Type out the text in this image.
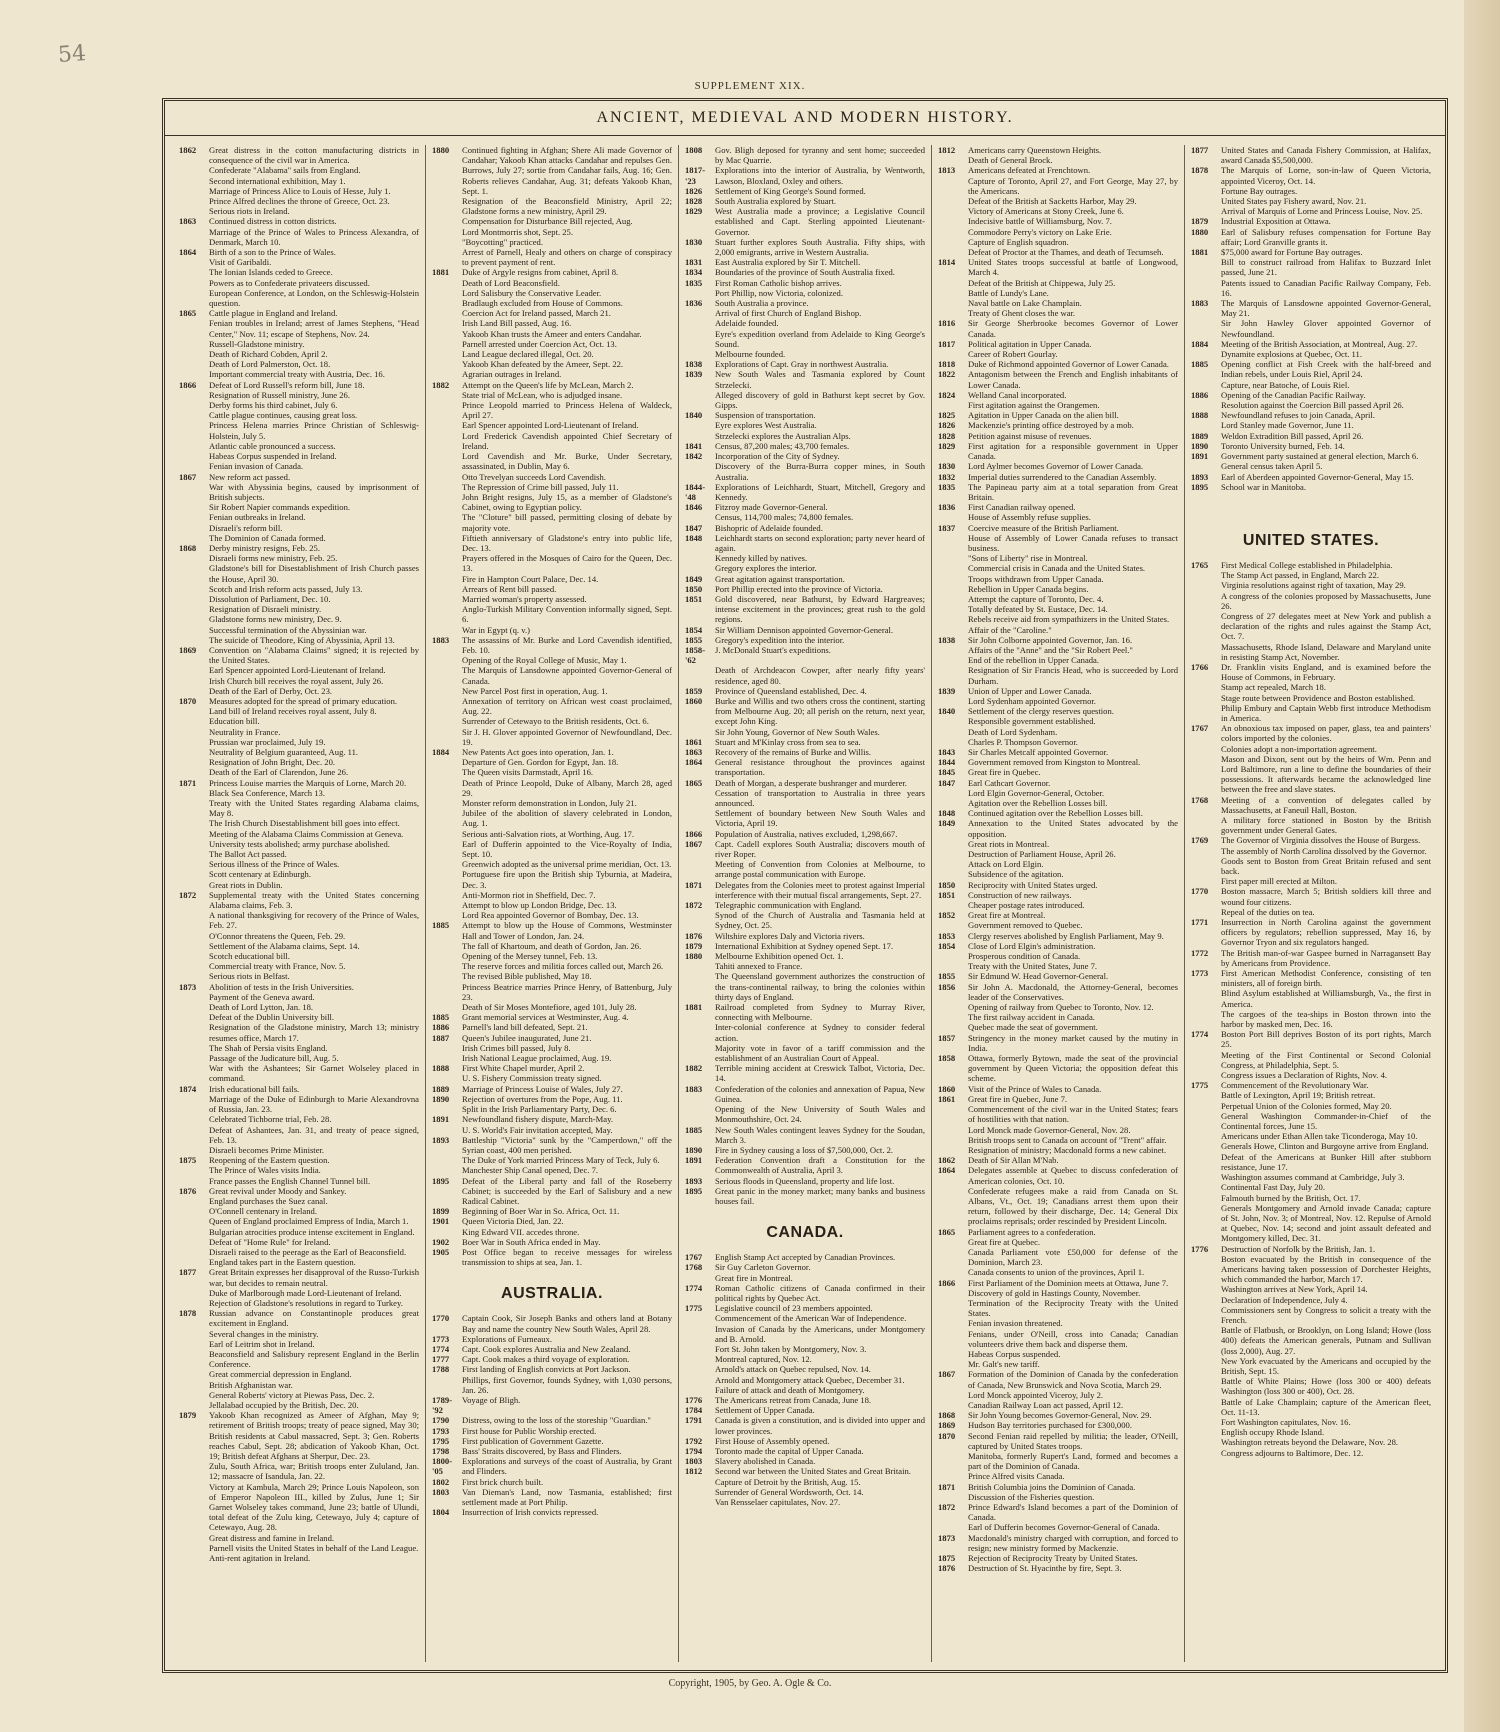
54
SUPPLEMENT XIX.
ANCIENT, MEDIEVAL AND MODERN HISTORY.
1862	Great distress in the cotton manufacturing districts in consequence of the civil war in America.
Confederate "Alabama" sails from England.
Second international exhibition, May 1.
Marriage of Princess Alice to Louis of Hesse, July 1.
Prince Alfred declines the throne of Greece, Oct. 23.
Serious riots in Ireland.
1863	Continued distress in cotton districts.
Marriage of the Prince of Wales to Princess Alexandra, of Denmark, March 10.
1864	Birth of a son to the Prince of Wales.
Visit of Garibaldi.
The Ionian Islands ceded to Greece.
Powers as to Confederate privateers discussed.
European Conference, at London, on the Schleswig-Holstein question.
1865	Cattle plague in England and Ireland.
Fenian troubles in Ireland; arrest of James Stephens, "Head Center," Nov. 11; escape of Stephens, Nov. 24.
Russell-Gladstone ministry.
Death of Richard Cobden, April 2.
Death of Lord Palmerston, Oct. 18.
Important commercial treaty with Austria, Dec. 16.
1866	Defeat of Lord Russell's reform bill, June 18.
Resignation of Russell ministry, June 26.
Derby forms his third cabinet, July 6.
Cattle plague continues, causing great loss.
Princess Helena marries Prince Christian of Schleswig-Holstein, July 5.
Atlantic cable pronounced a success.
Habeas Corpus suspended in Ireland.
Fenian invasion of Canada.
1867	New reform act passed.
War with Abyssinia begins, caused by imprisonment of British subjects.
Sir Robert Napier commands expedition.
Fenian outbreaks in Ireland.
Disraeli's reform bill.
The Dominion of Canada formed.
1868	Derby ministry resigns, Feb. 25.
Disraeli forms new ministry, Feb. 25.
Gladstone's bill for Disestablishment of Irish Church passes the House, April 30.
Scotch and Irish reform acts passed, July 13.
Dissolution of Parliament, Dec. 10.
Resignation of Disraeli ministry.
Gladstone forms new ministry, Dec. 9.
Successful termination of the Abyssinian war.
The suicide of Theodore, King of Abyssinia, April 13.
1869	Convention on "Alabama Claims" signed; it is rejected by the United States.
Earl Spencer appointed Lord-Lieutenant of Ireland.
Irish Church bill receives the royal assent, July 26.
Death of the Earl of Derby, Oct. 23.
1870	Measures adopted for the spread of primary education.
Land bill of Ireland receives royal assent, July 8.
Education bill.
Neutrality in France.
Prussian war proclaimed, July 19.
Neutrality of Belgium guaranteed, Aug. 11.
Resignation of John Bright, Dec. 20.
Death of the Earl of Clarendon, June 26.
1871	Princess Louise marries the Marquis of Lorne, March 20.
Black Sea Conference, March 13.
Treaty with the United States regarding Alabama claims, May 8.
The Irish Church Disestablishment bill goes into effect.
Meeting of the Alabama Claims Commission at Geneva.
University tests abolished; army purchase abolished.
The Ballot Act passed.
Serious illness of the Prince of Wales.
Scott centenary at Edinburgh.
Great riots in Dublin.
1872	Supplemental treaty with the United States concerning Alabama claims, Feb. 3.
A national thanksgiving for recovery of the Prince of Wales, Feb. 27.
O'Connor threatens the Queen, Feb. 29.
Settlement of the Alabama claims, Sept. 14.
Scotch educational bill.
Commercial treaty with France, Nov. 5.
Serious riots in Belfast.
1873	Abolition of tests in the Irish Universities.
Payment of the Geneva award.
Death of Lord Lytton, Jan. 18.
Defeat of the Dublin University bill.
Resignation of the Gladstone ministry, March 13; ministry resumes office, March 17.
The Shah of Persia visits England.
Passage of the Judicature bill, Aug. 5.
War with the Ashantees; Sir Garnet Wolseley placed in command.
1874	Irish educational bill fails.
Marriage of the Duke of Edinburgh to Marie Alexandrovna of Russia, Jan. 23.
Celebrated Tichborne trial, Feb. 28.
Defeat of Ashantees, Jan. 31, and treaty of peace signed, Feb. 13.
Disraeli becomes Prime Minister.
1875	Reopening of the Eastern question.
The Prince of Wales visits India.
France passes the English Channel Tunnel bill.
1876	Great revival under Moody and Sankey.
England purchases the Suez canal.
O'Connell centenary in Ireland.
Queen of England proclaimed Empress of India, March 1.
Bulgarian atrocities produce intense excitement in England.
Defeat of "Home Rule" for Ireland.
Disraeli raised to the peerage as the Earl of Beaconsfield.
England takes part in the Eastern question.
1877	Great Britain expresses her disapproval of the Russo-Turkish war, but decides to remain neutral.
Duke of Marlborough made Lord-Lieutenant of Ireland.
Rejection of Gladstone's resolutions in regard to Turkey.
1878	Russian advance on Constantinople produces great excitement in England.
Several changes in the ministry.
Earl of Leitrim shot in Ireland.
Beaconsfield and Salisbury represent England in the Berlin Conference.
Great commercial depression in England.
British Afghanistan war.
General Roberts' victory at Piewas Pass, Dec. 2.
Jellalabad occupied by the British, Dec. 20.
1879	Yakoob Khan recognized as Ameer of Afghan, May 9; retirement of British troops; treaty of peace signed, May 30; British residents at Cabul massacred, Sept. 3; Gen. Roberts reaches Cabul, Sept. 28; abdication of Yakoob Khan, Oct. 19; British defeat Afghans at Sherpur, Dec. 23.
Zulu, South Africa, war; British troops enter Zululand, Jan. 12; massacre of Isandula, Jan. 22.
Victory at Kambula, March 29; Prince Louis Napoleon, son of Emperor Napoleon III., killed by Zulus, June 1; Sir Garnet Wolseley takes command, June 23; battle of Ulundi, total defeat of the Zulu king, Cetewayo, July 4; capture of Cetewayo, Aug. 28.
Great distress and famine in Ireland.
Parnell visits the United States in behalf of the Land League.
Anti-rent agitation in Ireland.
1880	Continued fighting in Afghan; Shere Ali made Governor of Candahar; Yakoob Khan attacks Candahar and repulses Gen. Burrows, July 27; sortie from Candahar fails, Aug. 16; Gen. Roberts relieves Candahar, Aug. 31; defeats Yakoob Khan, Sept. 1.
Resignation of the Beaconsfield Ministry, April 22; Gladstone forms a new ministry, April 29.
Compensation for Disturbance Bill rejected, Aug.
Lord Montmorris shot, Sept. 25.
"Boycotting" practiced.
Arrest of Parnell, Healy and others on charge of conspiracy to prevent payment of rent.
1881	Duke of Argyle resigns from cabinet, April 8.
Death of Lord Beaconsfield.
Lord Salisbury the Conservative Leader.
Bradlaugh excluded from House of Commons.
Coercion Act for Ireland passed, March 21.
Irish Land Bill passed, Aug. 16.
Yakoob Khan trusts the Ameer and enters Candahar.
Parnell arrested under Coercion Act, Oct. 13.
Land League declared illegal, Oct. 20.
Yakoob Khan defeated by the Ameer, Sept. 22.
Agrarian outrages in Ireland.
1882	Attempt on the Queen's life by McLean, March 2.
State trial of McLean, who is adjudged insane.
Prince Leopold married to Princess Helena of Waldeck, April 27.
Earl Spencer appointed Lord-Lieutenant of Ireland.
Lord Frederick Cavendish appointed Chief Secretary of Ireland.
Lord Cavendish and Mr. Burke, Under Secretary, assassinated, in Dublin, May 6.
Otto Trevelyan succeeds Lord Cavendish.
The Repression of Crime bill passed, July 11.
John Bright resigns, July 15, as a member of Gladstone's Cabinet, owing to Egyptian policy.
The "Cloture" bill passed, permitting closing of debate by majority vote.
Fiftieth anniversary of Gladstone's entry into public life, Dec. 13.
Prayers offered in the Mosques of Cairo for the Queen, Dec. 13.
Fire in Hampton Court Palace, Dec. 14.
Arrears of Rent bill passed.
Married woman's property assessed.
Anglo-Turkish Military Convention informally signed, Sept. 6.
War in Egypt (q. v.)
1883	The assassins of Mr. Burke and Lord Cavendish identified, Feb. 10.
Opening of the Royal College of Music, May 1.
The Marquis of Lansdowne appointed Governor-General of Canada.
New Parcel Post first in operation, Aug. 1.
Annexation of territory on African west coast proclaimed, Aug. 22.
Surrender of Cetewayo to the British residents, Oct. 6.
Sir J. H. Glover appointed Governor of Newfoundland, Dec. 19.
1884	New Patents Act goes into operation, Jan. 1.
Departure of Gen. Gordon for Egypt, Jan. 18.
The Queen visits Darmstadt, April 16.
Death of Prince Leopold, Duke of Albany, March 28, aged 29.
Monster reform demonstration in London, July 21.
Jubilee of the abolition of slavery celebrated in London, Aug. 1.
Serious anti-Salvation riots, at Worthing, Aug. 17.
Earl of Dufferin appointed to the Vice-Royalty of India, Sept. 10.
Greenwich adopted as the universal prime meridian, Oct. 13.
Portuguese fire upon the British ship Tyburnia, at Madeira, Dec. 3.
Anti-Mormon riot in Sheffield, Dec. 7.
Attempt to blow up London Bridge, Dec. 13.
Lord Rea appointed Governor of Bombay, Dec. 13.
1885	Attempt to blow up the House of Commons, Westminster Hall and Tower of London, Jan. 24.
The fall of Khartoum, and death of Gordon, Jan. 26.
Opening of the Mersey tunnel, Feb. 13.
The reserve forces and militia forces called out, March 26.
The revised Bible published, May 18.
Princess Beatrice marries Prince Henry, of Battenburg, July 23.
Death of Sir Moses Montefiore, aged 101, July 28.
1885	Grant memorial services at Westminster, Aug. 4.
1886	Parnell's land bill defeated, Sept. 21.
1887	Queen's Jubilee inaugurated, June 21.
Irish Crimes bill passed, July 8.
Irish National League proclaimed, Aug. 19.
1888	First White Chapel murder, April 2.
U. S. Fishery Commission treaty signed.
1889	Marriage of Princess Louise of Wales, July 27.
1890	Rejection of overtures from the Pope, Aug. 11.
Split in the Irish Parliamentary Party, Dec. 6.
1891	Newfoundland fishery dispute, March-May.
U. S. World's Fair invitation accepted, May.
1893	Battleship "Victoria" sunk by the "Camperdown," off the Syrian coast, 400 men perished.
The Duke of York married Princess Mary of Teck, July 6.
Manchester Ship Canal opened, Dec. 7.
1895	Defeat of the Liberal party and fall of the Roseberry Cabinet; is succeeded by the Earl of Salisbury and a new Radical Cabinet.
1899	Beginning of Boer War in So. Africa, Oct. 11.
1901	Queen Victoria Died, Jan. 22.
King Edward VII. accedes throne.
1902	Boer War in South Africa ended in May.
1905	Post Office began to receive messages for wireless transmission to ships at sea, Jan. 1.
AUSTRALIA.
1770	Captain Cook, Sir Joseph Banks and others land at Botany Bay and name the country New South Wales, April 28.
1773	Explorations of Furneaux.
1774	Capt. Cook explores Australia and New Zealand.
1777	Capt. Cook makes a third voyage of exploration.
1788	First landing of English convicts at Port Jackson.
Phillips, first Governor, founds Sydney, with 1,030 persons, Jan. 26.
1789-'92
Voyage of Bligh.
1790	Distress, owing to the loss of the storeship "Guardian."
1793	First house for Public Worship erected.
1795	First publication of Government Gazette.
1798	Bass' Straits discovered, by Bass and Flinders.
1800-'05
Explorations and surveys of the coast of Australia, by Grant and Flinders.
1802	First brick church built.
1803	Van Dieman's Land, now Tasmania, established; first settlement made at Port Philip.
1804	Insurrection of Irish convicts repressed.
1808	Gov. Bligh deposed for tyranny and sent home; succeeded by Mac Quarrie.
1817-'23
Explorations into the interior of Australia, by Wentworth, Lawson, Bloxland, Oxley and others.
1826	Settlement of King George's Sound formed.
1828	South Australia explored by Stuart.
1829	West Australia made a province; a Legislative Council established and Capt. Sterling appointed Lieutenant-Governor.
1830	Stuart further explores South Australia. Fifty ships, with 2,000 emigrants, arrive in Western Australia.
1831	East Australia explored by Sir T. Mitchell.
1834	Boundaries of the province of South Australia fixed.
1835	First Roman Catholic bishop arrives.
Port Phillip, now Victoria, colonized.
1836	South Australia a province.
Arrival of first Church of England Bishop.
Adelaide founded.
Eyre's expedition overland from Adelaide to King George's Sound.
Melbourne founded.
1838	Explorations of Capt. Gray in northwest Australia.
1839	New South Wales and Tasmania explored by Count Strzelecki.
Alleged discovery of gold in Bathurst kept secret by Gov. Gipps.
1840	Suspension of transportation.
Eyre explores West Australia.
Strzelecki explores the Australian Alps.
1841	Census, 87,200 males; 43,700 females.
1842	Incorporation of the City of Sydney.
Discovery of the Burra-Burra copper mines, in South Australia.
1844-'48
Explorations of Leichhardt, Stuart, Mitchell, Gregory and Kennedy.
1846	Fitzroy made Governor-General.
Census, 114,700 males; 74,800 females.
1847	Bishopric of Adelaide founded.
1848	Leichhardt starts on second exploration; party never heard of again.
Kennedy killed by natives.
Gregory explores the interior.
1849	Great agitation against transportation.
1850	Port Phillip erected into the province of Victoria.
1851	Gold discovered, near Bathurst, by Edward Hargreaves; intense excitement in the provinces; great rush to the gold regions.
1854	Sir William Dennison appointed Governor-General.
1855	Gregory's expedition into the interior.
1858-'62
J. McDonald Stuart's expeditions.
Death of Archdeacon Cowper, after nearly fifty years' residence, aged 80.
1859	Province of Queensland established, Dec. 4.
1860	Burke and Willis and two others cross the continent, starting from Melbourne Aug. 20; all perish on the return, next year, except John King.
Sir John Young, Governor of New South Wales.
1861	Stuart and M'Kinlay cross from sea to sea.
1863	Recovery of the remains of Burke and Willis.
1864	General resistance throughout the provinces against transportation.
1865	Death of Morgan, a desperate bushranger and murderer.
Cessation of transportation to Australia in three years announced.
Settlement of boundary between New South Wales and Victoria, April 19.
1866	Population of Australia, natives excluded, 1,298,667.
1867	Capt. Cadell explores South Australia; discovers mouth of river Roper.
Meeting of Convention from Colonies at Melbourne, to arrange postal communication with Europe.
1871	Delegates from the Colonies meet to protest against Imperial interference with their mutual fiscal arrangements, Sept. 27.
1872	Telegraphic communication with England.
Synod of the Church of Australia and Tasmania held at Sydney, Oct. 25.
1876	Wiltshire explores Daly and Victoria rivers.
1879	International Exhibition at Sydney opened Sept. 17.
1880	Melbourne Exhibition opened Oct. 1.
Tahiti annexed to France.
The Queensland government authorizes the construction of the trans-continental railway, to bring the colonies within thirty days of England.
1881	Railroad completed from Sydney to Murray River, connecting with Melbourne.
Inter-colonial conference at Sydney to consider federal action.
Majority vote in favor of a tariff commission and the establishment of an Australian Court of Appeal.
1882	Terrible mining accident at Creswick Talbot, Victoria, Dec. 14.
1883	Confederation of the colonies and annexation of Papua, New Guinea.
Opening of the New University of South Wales and Monmouthshire, Oct. 24.
1885	New South Wales contingent leaves Sydney for the Soudan, March 3.
1890	Fire in Sydney causing a loss of $7,500,000, Oct. 2.
1891	Federation Convention draft a Constitution for the Commonwealth of Australia, April 3.
1893	Serious floods in Queensland, property and life lost.
1895	Great panic in the money market; many banks and business houses fail.
CANADA.
1767	English Stamp Act accepted by Canadian Provinces.
1768	Sir Guy Carleton Governor.
Great fire in Montreal.
1774	Roman Catholic citizens of Canada confirmed in their political rights by Quebec Act.
1775	Legislative council of 23 members appointed.
Commencement of the American War of Independence.
Invasion of Canada by the Americans, under Montgomery and B. Arnold.
Fort St. John taken by Montgomery, Nov. 3.
Montreal captured, Nov. 12.
Arnold's attack on Quebec repulsed, Nov. 14.
Arnold and Montgomery attack Quebec, December 31.
Failure of attack and death of Montgomery.
1776	The Americans retreat from Canada, June 18.
1784	Settlement of Upper Canada.
1791	Canada is given a constitution, and is divided into upper and lower provinces.
1792	First House of Assembly opened.
1794	Toronto made the capital of Upper Canada.
1803	Slavery abolished in Canada.
1812	Second war between the United States and Great Britain.
Capture of Detroit by the British, Aug. 15.
Surrender of General Wordsworth, Oct. 14.
Van Rensselaer capitulates, Nov. 27.
1812	Americans carry Queenstown Heights.
Death of General Brock.
1813	Americans defeated at Frenchtown.
Capture of Toronto, April 27, and Fort George, May 27, by the Americans.
Defeat of the British at Sacketts Harbor, May 29.
Victory of Americans at Stony Creek, June 6.
Indecisive battle of Williamsburg, Nov. 7.
Commodore Perry's victory on Lake Erie.
Capture of English squadron.
Defeat of Proctor at the Thames, and death of Tecumseh.
1814	United States troops successful at battle of Longwood, March 4.
Defeat of the British at Chippewa, July 25.
Battle of Lundy's Lane.
Naval battle on Lake Champlain.
Treaty of Ghent closes the war.
1816	Sir George Sherbrooke becomes Governor of Lower Canada.
1817	Political agitation in Upper Canada.
Career of Robert Gourlay.
1818	Duke of Richmond appointed Governor of Lower Canada.
1822	Antagonism between the French and English inhabitants of Lower Canada.
1824	Welland Canal incorporated.
First agitation against the Orangemen.
1825	Agitation in Upper Canada on the alien bill.
1826	Mackenzie's printing office destroyed by a mob.
1828	Petition against misuse of revenues.
1829	First agitation for a responsible government in Upper Canada.
1830	Lord Aylmer becomes Governor of Lower Canada.
1832	Imperial duties surrendered to the Canadian Assembly.
1835	The Papineau party aim at a total separation from Great Britain.
1836	First Canadian railway opened.
House of Assembly refuse supplies.
1837	Coercive measure of the British Parliament.
House of Assembly of Lower Canada refuses to transact business.
"Sons of Liberty" rise in Montreal.
Commercial crisis in Canada and the United States.
Troops withdrawn from Upper Canada.
Rebellion in Upper Canada begins.
Attempt the capture of Toronto, Dec. 4.
Totally defeated by St. Eustace, Dec. 14.
Rebels receive aid from sympathizers in the United States.
Affair of the "Caroline."
1838	Sir John Colborne appointed Governor, Jan. 16.
Affairs of the "Anne" and the "Sir Robert Peel."
End of the rebellion in Upper Canada.
Resignation of Sir Francis Head, who is succeeded by Lord Durham.
1839	Union of Upper and Lower Canada.
Lord Sydenham appointed Governor.
1840	Settlement of the clergy reserves question.
Responsible government established.
Death of Lord Sydenham.
Charles P. Thompson Governor.
1843	Sir Charles Metcalf appointed Governor.
1844	Government removed from Kingston to Montreal.
1845	Great fire in Quebec.
1847	Earl Cathcart Governor.
Lord Elgin Governor-General, October.
Agitation over the Rebellion Losses bill.
1848	Continued agitation over the Rebellion Losses bill.
1849	Annexation to the United States advocated by the opposition.
Great riots in Montreal.
Destruction of Parliament House, April 26.
Attack on Lord Elgin.
Subsidence of the agitation.
1850	Reciprocity with United States urged.
1851	Construction of new railways.
Cheaper postage rates introduced.
1852	Great fire at Montreal.
Government removed to Quebec.
1853	Clergy reserves abolished by English Parliament, May 9.
1854	Close of Lord Elgin's administration.
Prosperous condition of Canada.
Treaty with the United States, June 7.
1855	Sir Edmund W. Head Governor-General.
1856	Sir John A. Macdonald, the Attorney-General, becomes leader of the Conservatives.
Opening of railway from Quebec to Toronto, Nov. 12.
The first railway accident in Canada.
Quebec made the seat of government.
1857	Stringency in the money market caused by the mutiny in India.
1858	Ottawa, formerly Bytown, made the seat of the provincial government by Queen Victoria; the opposition defeat this scheme.
1860	Visit of the Prince of Wales to Canada.
1861	Great fire in Quebec, June 7.
Commencement of the civil war in the United States; fears of hostilities with that nation.
Lord Monck made Governor-General, Nov. 28.
British troops sent to Canada on account of "Trent" affair.
Resignation of ministry; Macdonald forms a new cabinet.
1862	Death of Sir Allan M'Nab.
1864	Delegates assemble at Quebec to discuss confederation of American colonies, Oct. 10.
Confederate refugees make a raid from Canada on St. Albans, Vt., Oct. 19; Canadians arrest them upon their return, followed by their discharge, Dec. 14; General Dix proclaims reprisals; order rescinded by President Lincoln.
1865	Parliament agrees to a confederation.
Great fire at Quebec.
Canada Parliament vote £50,000 for defense of the Dominion, March 23.
Canada consents to union of the provinces, April 1.
1866	First Parliament of the Dominion meets at Ottawa, June 7.
Discovery of gold in Hastings County, November.
Termination of the Reciprocity Treaty with the United States.
Fenian invasion threatened.
Fenians, under O'Neill, cross into Canada; Canadian volunteers drive them back and disperse them.
Habeas Corpus suspended.
Mr. Galt's new tariff.
1867	Formation of the Dominion of Canada by the confederation of Canada, New Brunswick and Nova Scotia, March 29.
Lord Monck appointed Viceroy, July 2.
Canadian Railway Loan act passed, April 12.
1868	Sir John Young becomes Governor-General, Nov. 29.
1869	Hudson Bay territories purchased for £300,000.
1870	Second Fenian raid repelled by militia; the leader, O'Neill, captured by United States troops.
Manitoba, formerly Rupert's Land, formed and becomes a part of the Dominion of Canada.
Prince Alfred visits Canada.
1871	British Columbia joins the Dominion of Canada.
Discussion of the Fisheries question.
1872	Prince Edward's Island becomes a part of the Dominion of Canada.
Earl of Dufferin becomes Governor-General of Canada.
1873	Macdonald's ministry charged with corruption, and forced to resign; new ministry formed by Mackenzie.
1875	Rejection of Reciprocity Treaty by United States.
1876	Destruction of St. Hyacinthe by fire, Sept. 3.
1877	United States and Canada Fishery Commission, at Halifax, award Canada $5,500,000.
1878	The Marquis of Lorne, son-in-law of Queen Victoria, appointed Viceroy, Oct. 14.
Fortune Bay outrages.
United States pay Fishery award, Nov. 21.
Arrival of Marquis of Lorne and Princess Louise, Nov. 25.
1879	Industrial Exposition at Ottawa.
1880	Earl of Salisbury refuses compensation for Fortune Bay affair; Lord Granville grants it.
1881	$75,000 award for Fortune Bay outrages.
Bill to construct railroad from Halifax to Buzzard Inlet passed, June 21.
Patents issued to Canadian Pacific Railway Company, Feb. 16.
1883	The Marquis of Lansdowne appointed Governor-General, May 21.
Sir John Hawley Glover appointed Governor of Newfoundland.
1884	Meeting of the British Association, at Montreal, Aug. 27.
Dynamite explosions at Quebec, Oct. 11.
1885	Opening conflict at Fish Creek with the half-breed and Indian rebels, under Louis Riel, April 24.
Capture, near Batoche, of Louis Riel.
1886	Opening of the Canadian Pacific Railway.
Resolution against the Coercion Bill passed April 26.
1888	Newfoundland refuses to join Canada, April.
Lord Stanley made Governor, June 11.
1889	Weldon Extradition Bill passed, April 26.
1890	Toronto University burned, Feb. 14.
1891	Government party sustained at general election, March 6.
General census taken April 5.
1893	Earl of Aberdeen appointed Governor-General, May 15.
1895	School war in Manitoba.
UNITED STATES.
1765	First Medical College established in Philadelphia.
The Stamp Act passed, in England, March 22.
Virginia resolutions against right of taxation, May 29.
A congress of the colonies proposed by Massachusetts, June 26.
Congress of 27 delegates meet at New York and publish a declaration of the rights and rules against the Stamp Act, Oct. 7.
Massachusetts, Rhode Island, Delaware and Maryland unite in resisting Stamp Act, November.
1766	Dr. Franklin visits England, and is examined before the House of Commons, in February.
Stamp act repealed, March 18.
Stage route between Providence and Boston established.
Philip Embury and Captain Webb first introduce Methodism in America.
1767	An obnoxious tax imposed on paper, glass, tea and painters' colors imported by the colonies.
Colonies adopt a non-importation agreement.
Mason and Dixon, sent out by the heirs of Wm. Penn and Lord Baltimore, run a line to define the boundaries of their possessions. It afterwards became the acknowledged line between the free and slave states.
1768	Meeting of a convention of delegates called by Massachusetts, at Faneuil Hall, Boston.
A military force stationed in Boston by the British government under General Gates.
1769	The Governor of Virginia dissolves the House of Burgess.
The assembly of North Carolina dissolved by the Governor.
Goods sent to Boston from Great Britain refused and sent back.
First paper mill erected at Milton.
1770	Boston massacre, March 5; British soldiers kill three and wound four citizens.
Repeal of the duties on tea.
1771	Insurrection in North Carolina against the government officers by regulators; rebellion suppressed, May 16, by Governor Tryon and six regulators hanged.
1772	The British man-of-war Gaspee burned in Narragansett Bay by Americans from Providence.
1773	First American Methodist Conference, consisting of ten ministers, all of foreign birth.
Blind Asylum established at Williamsburgh, Va., the first in America.
The cargoes of the tea-ships in Boston thrown into the harbor by masked men, Dec. 16.
1774	Boston Port Bill deprives Boston of its port rights, March 25.
Meeting of the First Continental or Second Colonial Congress, at Philadelphia, Sept. 5.
Congress issues a Declaration of Rights, Nov. 4.
1775	Commencement of the Revolutionary War.
Battle of Lexington, April 19; British retreat.
Perpetual Union of the Colonies formed, May 20.
General Washington Commander-in-Chief of the Continental forces, June 15.
Americans under Ethan Allen take Ticonderoga, May 10.
Generals Howe, Clinton and Burgoyne arrive from England.
Defeat of the Americans at Bunker Hill after stubborn resistance, June 17.
Washington assumes command at Cambridge, July 3.
Continental Fast Day, July 20.
Falmouth burned by the British, Oct. 17.
Generals Montgomery and Arnold invade Canada; capture of St. John, Nov. 3; of Montreal, Nov. 12. Repulse of Arnold at Quebec, Nov. 14; second and joint assault defeated and Montgomery killed, Dec. 31.
1776	Destruction of Norfolk by the British, Jan. 1.
Boston evacuated by the British in consequence of the Americans having taken possession of Dorchester Heights, which commanded the harbor, March 17.
Washington arrives at New York, April 14.
Declaration of Independence, July 4.
Commissioners sent by Congress to solicit a treaty with the French.
Battle of Flatbush, or Brooklyn, on Long Island; Howe (loss 400) defeats the American generals, Putnam and Sullivan (loss 2,000), Aug. 27.
New York evacuated by the Americans and occupied by the British, Sept. 15.
Battle of White Plains; Howe (loss 300 or 400) defeats Washington (loss 300 or 400), Oct. 28.
Battle of Lake Champlain; capture of the American fleet, Oct. 11-13.
Fort Washington capitulates, Nov. 16.
English occupy Rhode Island.
Washington retreats beyond the Delaware, Nov. 28.
Congress adjourns to Baltimore, Dec. 12.
Copyright, 1905, by Geo. A. Ogle & Co.
